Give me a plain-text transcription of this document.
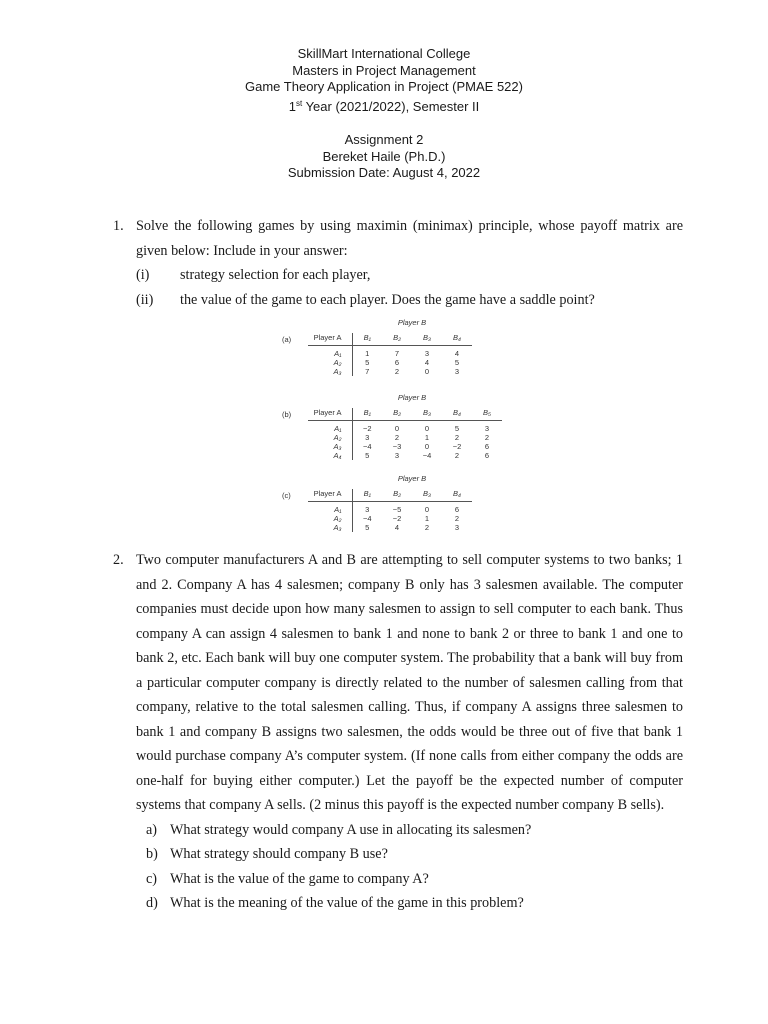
SkillMart International College
Masters in Project Management
Game Theory Application in Project (PMAE 522)
1st Year (2021/2022), Semester II
Assignment 2
Bereket Haile (Ph.D.)
Submission Date: August 4, 2022
1. Solve the following games by using maximin (minimax) principle, whose payoff matrix are given below: Include in your answer:
(i) strategy selection for each player,
(ii) the value of the game to each player. Does the game have a saddle point?
Player B
(a)	Player A	B₁	B₂	B₃	B₄
A₁	1	7	3	4
A₂	5	6	4	5
A₃	7	2	0	3
Player B
(b)	Player A	B₁	B₂	B₃	B₄	B₅
A₁	−2	0	0	5	3
A₂	3	2	1	2	2
A₃	−4	−3	0	−2	6
A₄	5	3	−4	2	6
Player B
(c)	Player A	B₁	B₂	B₃	B₄
A₁	3	−5	0	6
A₂	−4	−2	1	2
A₃	5	4	2	3
2. Two computer manufacturers A and B are attempting to sell computer systems to two banks; 1 and 2. Company A has 4 salesmen; company B only has 3 salesmen available. The computer companies must decide upon how many salesmen to assign to sell computer to each bank. Thus company A can assign 4 salesmen to bank 1 and none to bank 2 or three to bank 1 and one to bank 2, etc. Each bank will buy one computer system. The probability that a bank will buy from a particular computer company is directly related to the number of salesmen calling from that company, relative to the total salesmen calling. Thus, if company A assigns three salesmen to bank 1 and company B assigns two salesmen, the odds would be three out of five that bank 1 would purchase company A’s computer system. (If none calls from either company the odds are one-half for buying either computer.) Let the payoff be the expected number of computer systems that company A sells. (2 minus this payoff is the expected number company B sells).
a) What strategy would company A use in allocating its salesmen?
b) What strategy should company B use?
c) What is the value of the game to company A?
d) What is the meaning of the value of the game in this problem?
